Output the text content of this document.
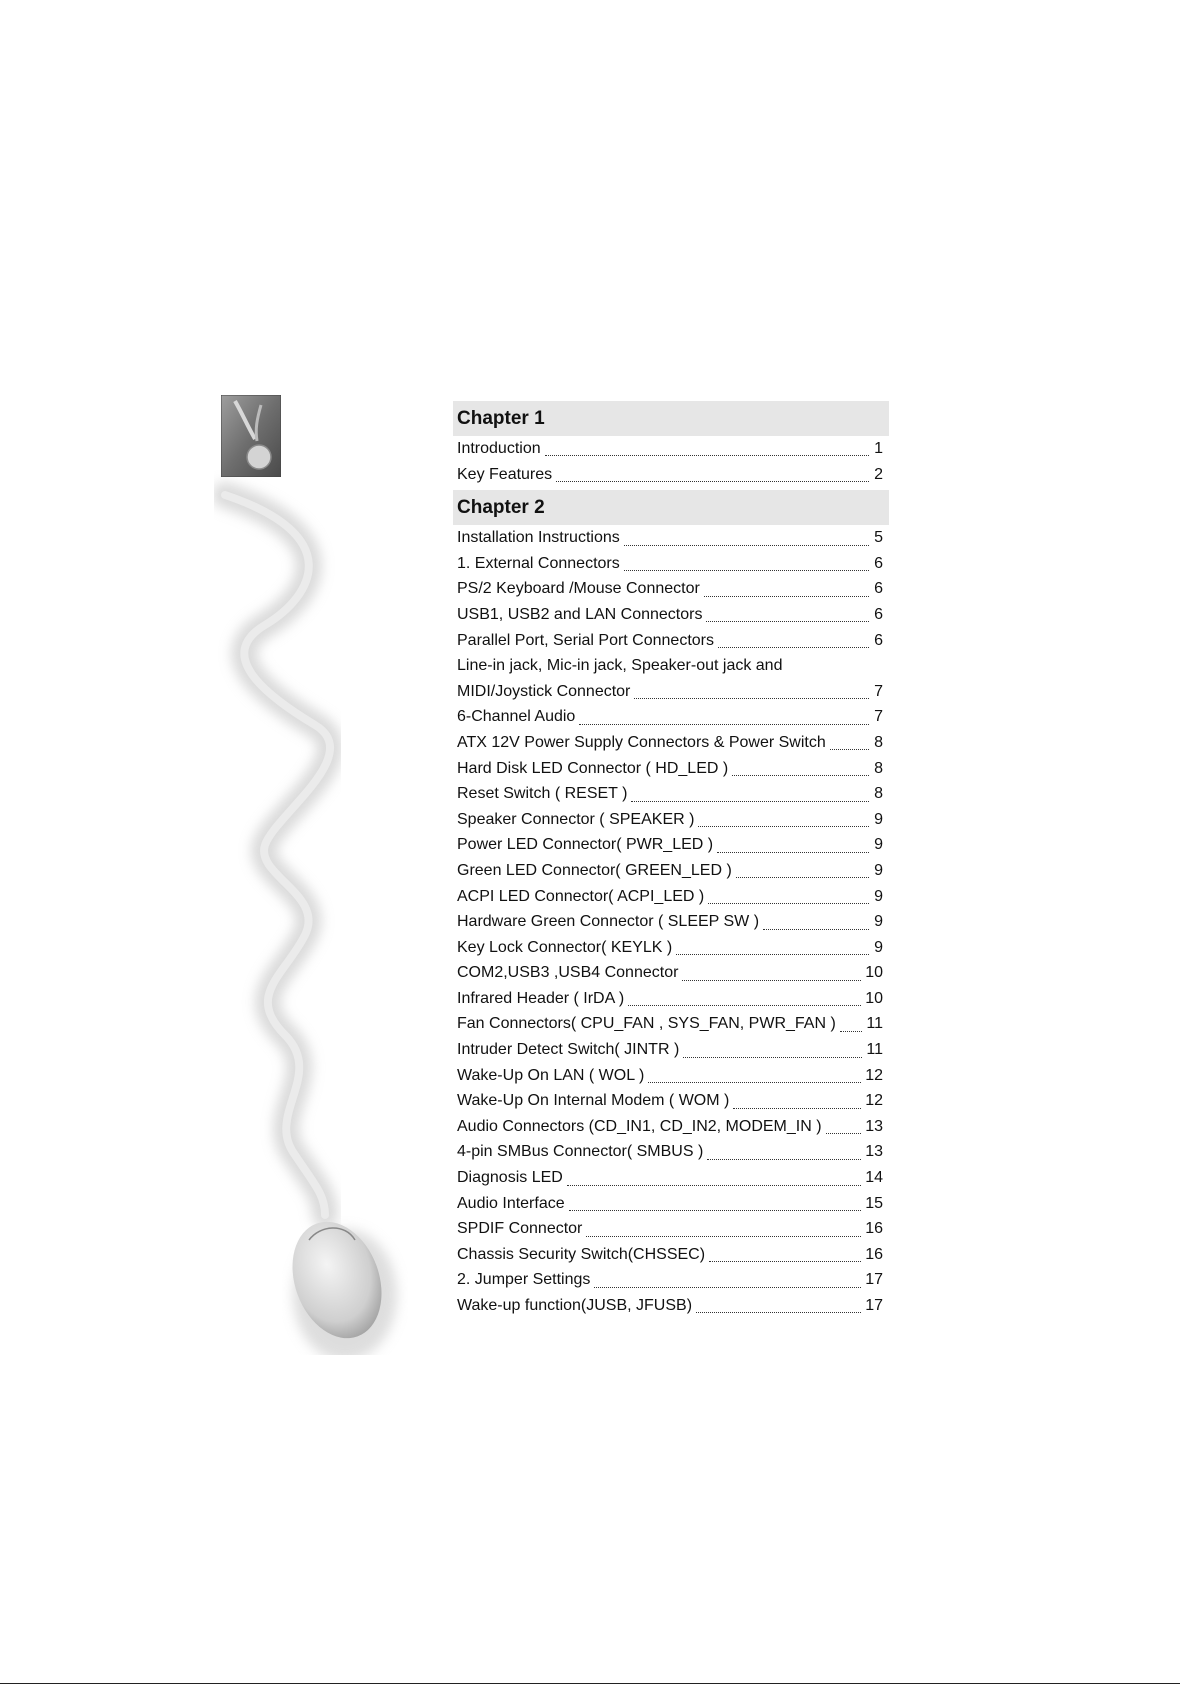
Chapter 1
Introduction	1
Key Features	2
Chapter 2
Installation Instructions	5
1. External Connectors	6
PS/2 Keyboard /Mouse Connector	6
USB1, USB2 and LAN Connectors	6
Parallel Port, Serial Port Connectors	6
Line-in jack, Mic-in jack, Speaker-out jack and
MIDI/Joystick Connector	7
6-Channel Audio	7
ATX 12V Power Supply Connectors & Power Switch	8
Hard Disk LED Connector ( HD_LED )	8
Reset Switch ( RESET )	8
Speaker Connector ( SPEAKER )	9
Power LED Connector( PWR_LED )	9
Green LED Connector( GREEN_LED )	9
ACPI LED Connector( ACPI_LED )	9
Hardware Green Connector ( SLEEP SW )	9
Key Lock Connector( KEYLK )	9
COM2,USB3 ,USB4 Connector	10
Infrared Header ( IrDA )	10
Fan Connectors( CPU_FAN , SYS_FAN, PWR_FAN ) 11
Intruder Detect Switch( JINTR )	11
Wake-Up On LAN ( WOL )	12
Wake-Up On Internal Modem ( WOM )	12
Audio Connectors (CD_IN1, CD_IN2, MODEM_IN )	13
4-pin SMBus Connector( SMBUS )	13
Diagnosis LED	14
Audio Interface	15
SPDIF Connector	16
Chassis Security Switch(CHSSEC)	16
2. Jumper Settings	17
Wake-up function(JUSB, JFUSB)	17
